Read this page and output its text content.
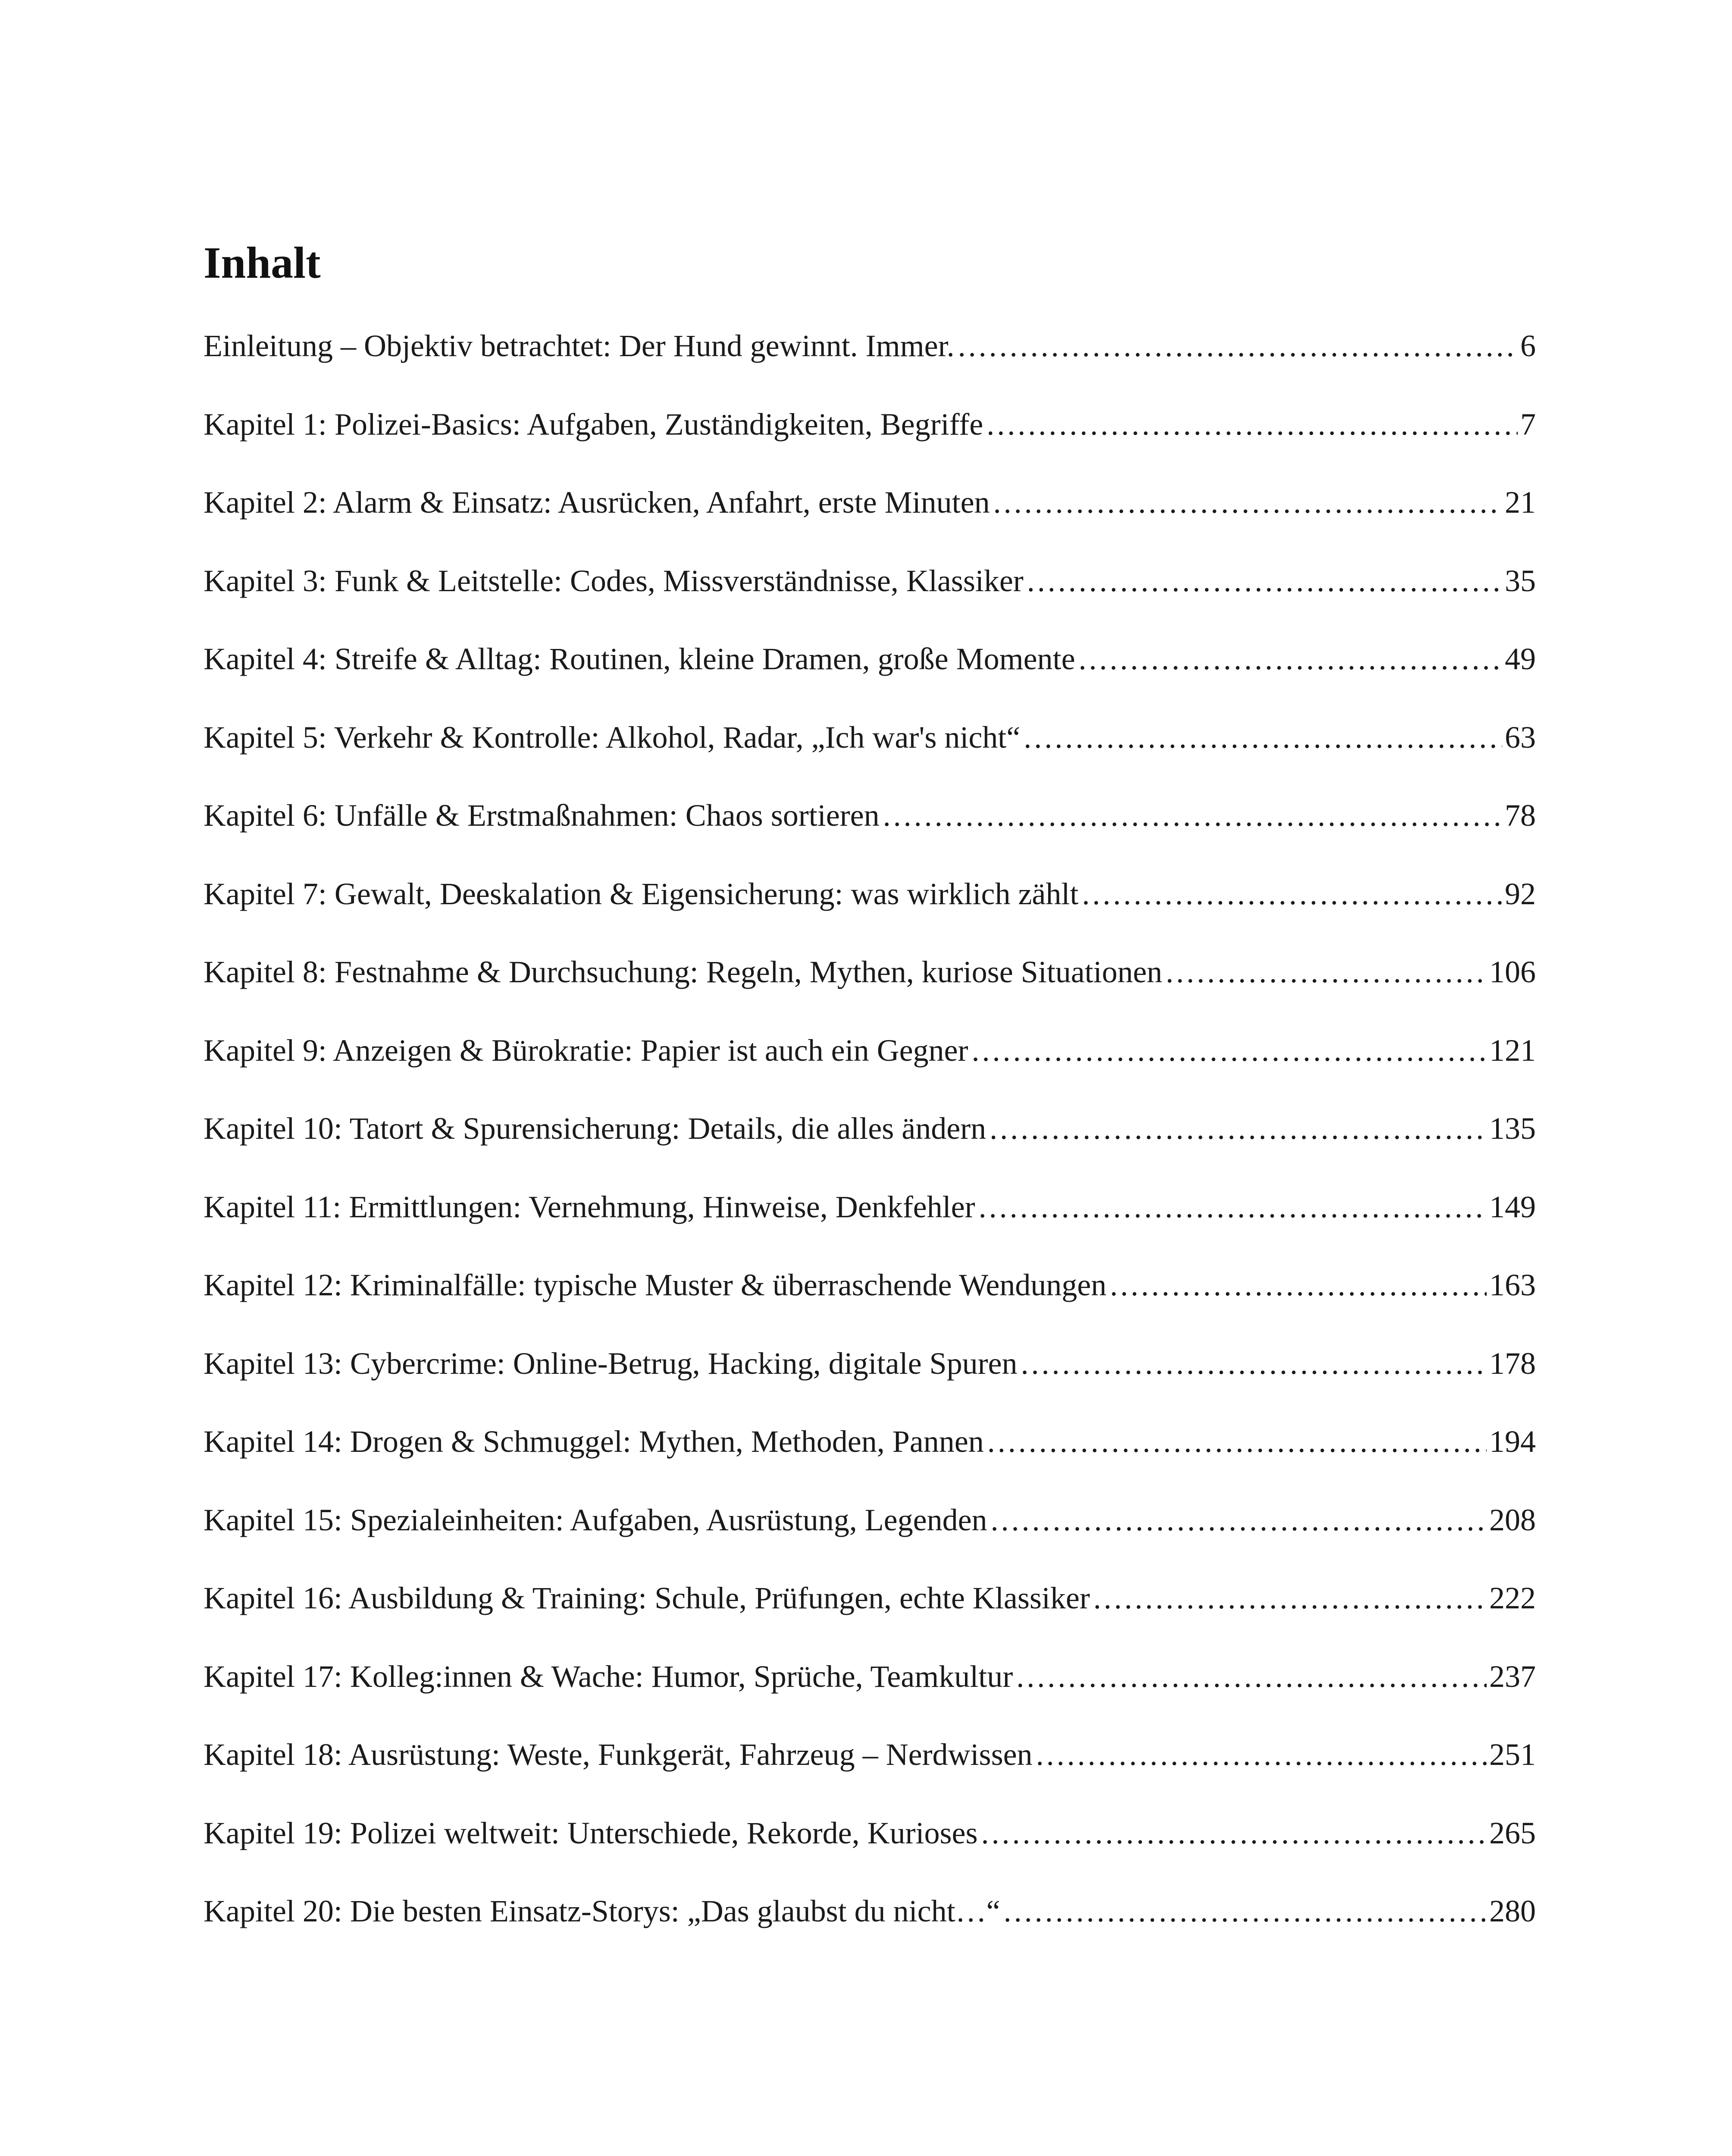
Inhalt
Einleitung – Objektiv betrachtet: Der Hund gewinnt. Immer. .....	6
Kapitel 1: Polizei-Basics: Aufgaben, Zuständigkeiten, Begriffe .....	7
Kapitel 2: Alarm & Einsatz: Ausrücken, Anfahrt, erste Minuten .....	21
Kapitel 3: Funk & Leitstelle: Codes, Missverständnisse, Klassiker .....	35
Kapitel 4: Streife & Alltag: Routinen, kleine Dramen, große Momente .....	49
Kapitel 5: Verkehr & Kontrolle: Alkohol, Radar, „Ich war's nicht“ .....	63
Kapitel 6: Unfälle & Erstmaßnahmen: Chaos sortieren .....	78
Kapitel 7: Gewalt, Deeskalation & Eigensicherung: was wirklich zählt .....	92
Kapitel 8: Festnahme & Durchsuchung: Regeln, Mythen, kuriose Situationen .....	106
Kapitel 9: Anzeigen & Bürokratie: Papier ist auch ein Gegner .....	121
Kapitel 10: Tatort & Spurensicherung: Details, die alles ändern .....	135
Kapitel 11: Ermittlungen: Vernehmung, Hinweise, Denkfehler .....	149
Kapitel 12: Kriminalfälle: typische Muster & überraschende Wendungen .....	163
Kapitel 13: Cybercrime: Online-Betrug, Hacking, digitale Spuren .....	178
Kapitel 14: Drogen & Schmuggel: Mythen, Methoden, Pannen .....	194
Kapitel 15: Spezialeinheiten: Aufgaben, Ausrüstung, Legenden .....	208
Kapitel 16: Ausbildung & Training: Schule, Prüfungen, echte Klassiker .....	222
Kapitel 17: Kolleg:innen & Wache: Humor, Sprüche, Teamkultur .....	237
Kapitel 18: Ausrüstung: Weste, Funkgerät, Fahrzeug – Nerdwissen .....	251
Kapitel 19: Polizei weltweit: Unterschiede, Rekorde, Kurioses .....	265
Kapitel 20: Die besten Einsatz-Storys: „Das glaubst du nicht…“ .....	280
